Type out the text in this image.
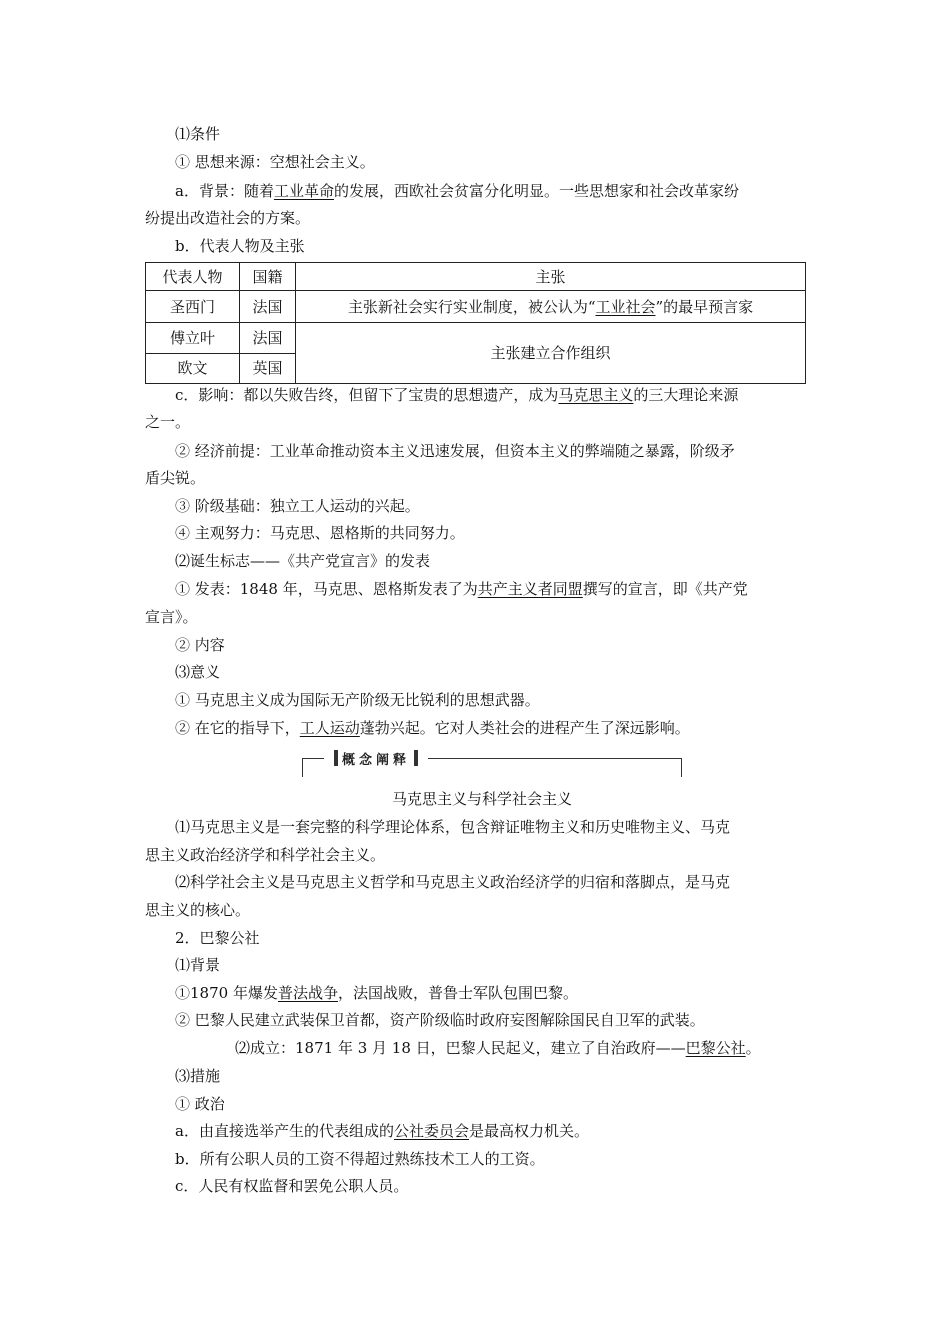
⑴条件
① 思想来源：空想社会主义。
a．背景：随着工业革命的发展，西欧社会贫富分化明显。一些思想家和社会改革家纷
纷提出改造社会的方案。
b．代表人物及主张
代表人物	国籍	主张
圣西门	法国	主张新社会实行实业制度，被公认为“工业社会”的最早预言家
傅立叶	法国	主张建立合作组织
欧文	英国	
c．影响：都以失败告终，但留下了宝贵的思想遗产，成为马克思主义的三大理论来源
之一。
② 经济前提：工业革命推动资本主义迅速发展，但资本主义的弊端随之暴露，阶级矛
盾尖锐。
③ 阶级基础：独立工人运动的兴起。
④ 主观努力：马克思、恩格斯的共同努力。
⑵诞生标志——《共产党宣言》的发表
① 发表：1848 年，马克思、恩格斯发表了为共产主义者同盟撰写的宣言，即《共产党
宣言》。
② 内容
⑶意义
① 马克思主义成为国际无产阶级无比锐利的思想武器。
② 在它的指导下，工人运动蓬勃兴起。它对人类社会的进程产生了深远影响。
概念阐释
马克思主义与科学社会主义
⑴马克思主义是一套完整的科学理论体系，包含辩证唯物主义和历史唯物主义、马克
思主义政治经济学和科学社会主义。
⑵科学社会主义是马克思主义哲学和马克思主义政治经济学的归宿和落脚点，是马克
思主义的核心。
2．巴黎公社
⑴背景
①1870 年爆发普法战争，法国战败，普鲁士军队包围巴黎。
② 巴黎人民建立武装保卫首都，资产阶级临时政府妄图解除国民自卫军的武装。
⑵成立：1871 年 3 月 18 日，巴黎人民起义，建立了自治政府——巴黎公社。
⑶措施
① 政治
a．由直接选举产生的代表组成的公社委员会是最高权力机关。
b．所有公职人员的工资不得超过熟练技术工人的工资。
c．人民有权监督和罢免公职人员。
